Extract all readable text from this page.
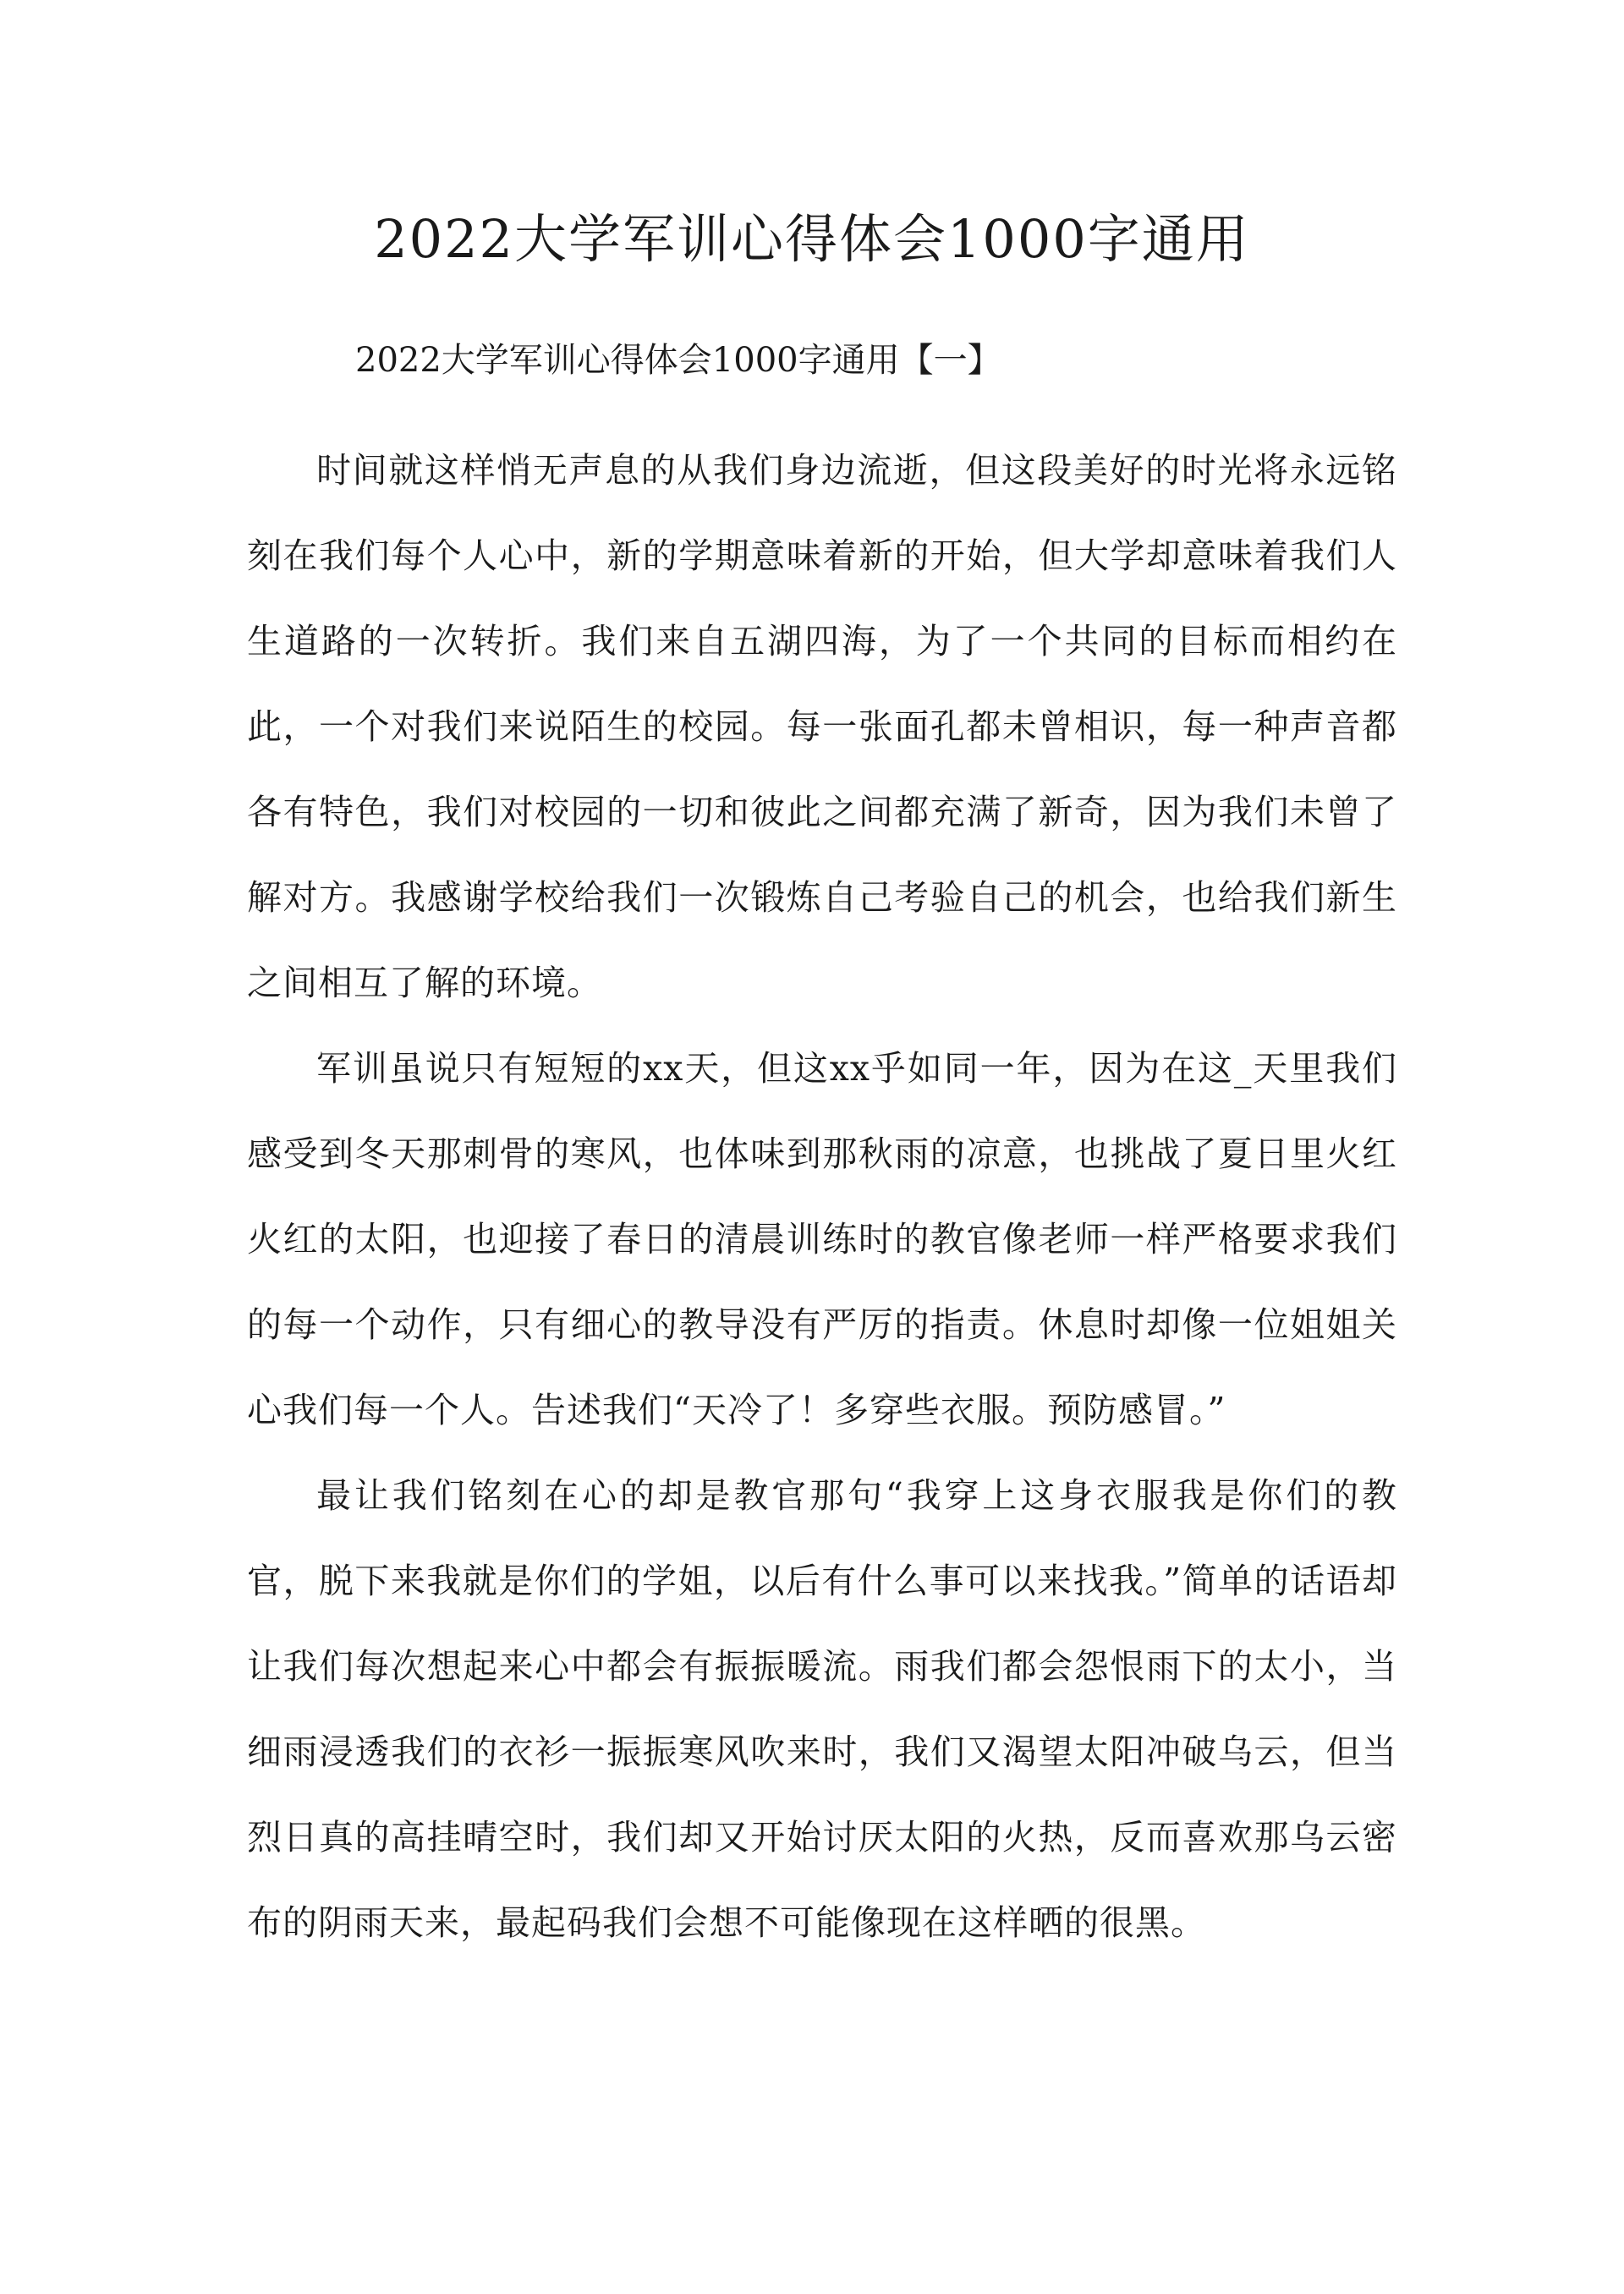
2022大学军训心得体会1000字通用
2022大学军训心得体会1000字通用【一】

时间就这样悄无声息的从我们身边流逝，但这段美好的时光将永远铭刻在我们每个人心中，新的学期意味着新的开始，但大学却意味着我们人生道路的一次转折。我们来自五湖四海，为了一个共同的目标而相约在此，一个对我们来说陌生的校园。每一张面孔都未曾相识，每一种声音都各有特色，我们对校园的一切和彼此之间都充满了新奇，因为我们未曾了解对方。我感谢学校给我们一次锻炼自己考验自己的机会，也给我们新生之间相互了解的环境。

军训虽说只有短短的xx天，但这xx乎如同一年，因为在这_天里我们感受到冬天那刺骨的寒风，也体味到那秋雨的凉意，也挑战了夏日里火红火红的太阳，也迎接了春日的清晨训练时的教官像老师一样严格要求我们的每一个动作，只有细心的教导没有严厉的指责。休息时却像一位姐姐关心我们每一个人。告述我们“天冷了！多穿些衣服。预防感冒。”

最让我们铭刻在心的却是教官那句“我穿上这身衣服我是你们的教官，脱下来我就是你们的学姐，以后有什么事可以来找我。”简单的话语却让我们每次想起来心中都会有振振暖流。雨我们都会怨恨雨下的太小，当细雨浸透我们的衣衫一振振寒风吹来时，我们又渴望太阳冲破乌云，但当烈日真的高挂晴空时，我们却又开始讨厌太阳的火热，反而喜欢那乌云密布的阴雨天来，最起码我们会想不可能像现在这样晒的很黑。
